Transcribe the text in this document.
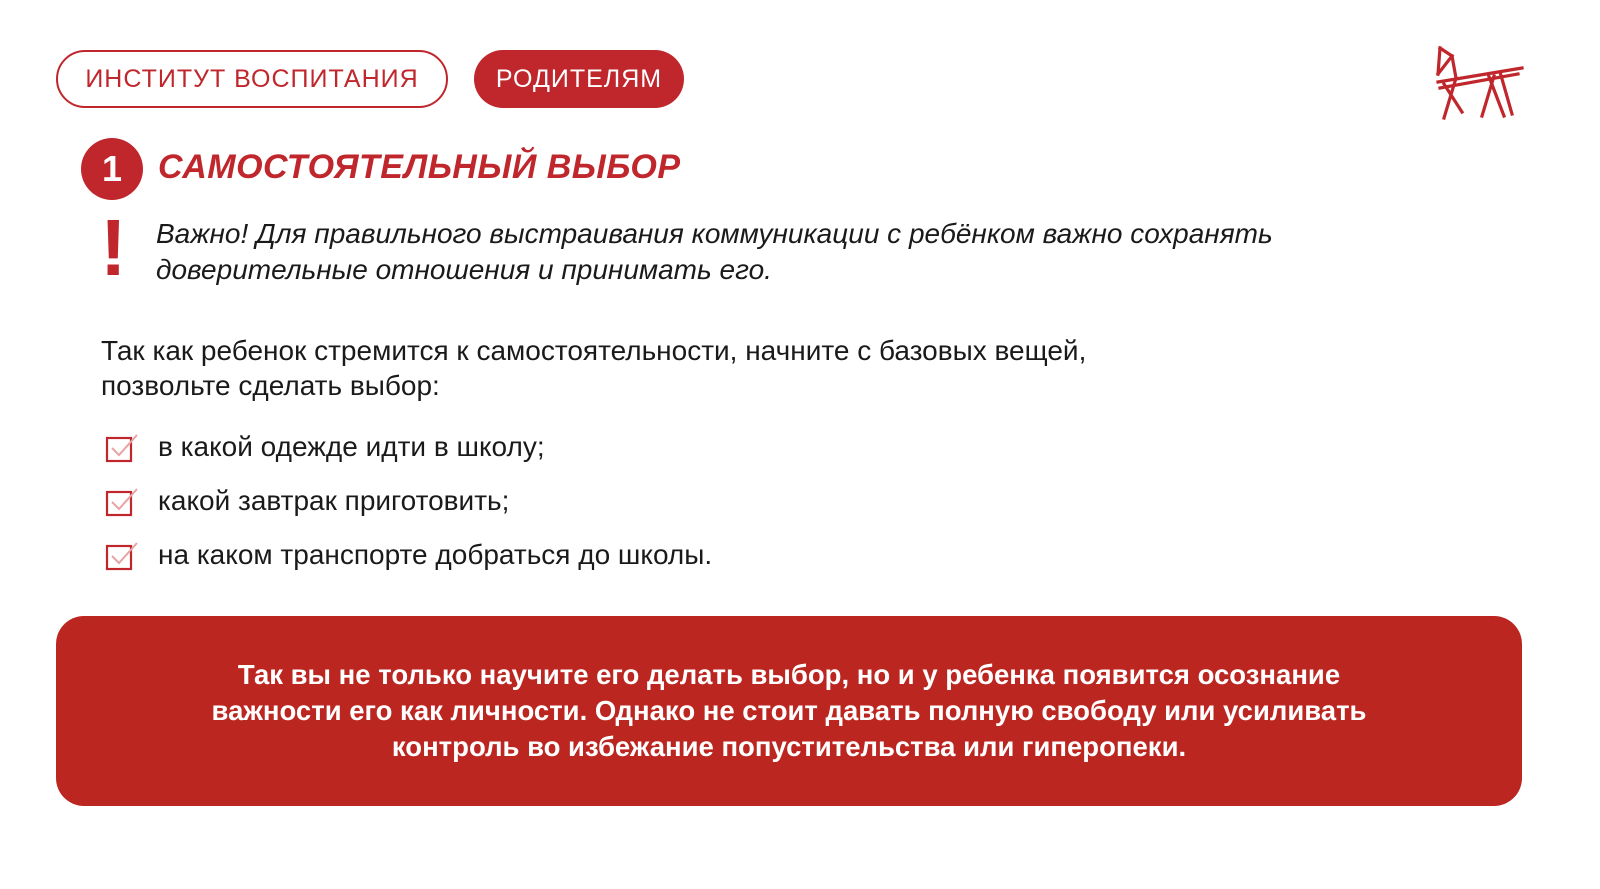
ИНСТИТУТ ВОСПИТАНИЯ	РОДИТЕЛЯМ
1 САМОСТОЯТЕЛЬНЫЙ ВЫБОР
! Важно! Для правильного выстраивания коммуникации с ребёнком важно сохранять доверительные отношения и принимать его.
Так как ребенок стремится к самостоятельности, начните с базовых вещей,
позвольте сделать выбор:
в какой одежде идти в школу;
какой завтрак приготовить;
на каком транспорте добраться до школы.
Так вы не только научите его делать выбор, но и у ребенка появится осознание
важности его как личности. Однако не стоит давать полную свободу или усиливать
контроль во избежание попустительства или гиперопеки.
